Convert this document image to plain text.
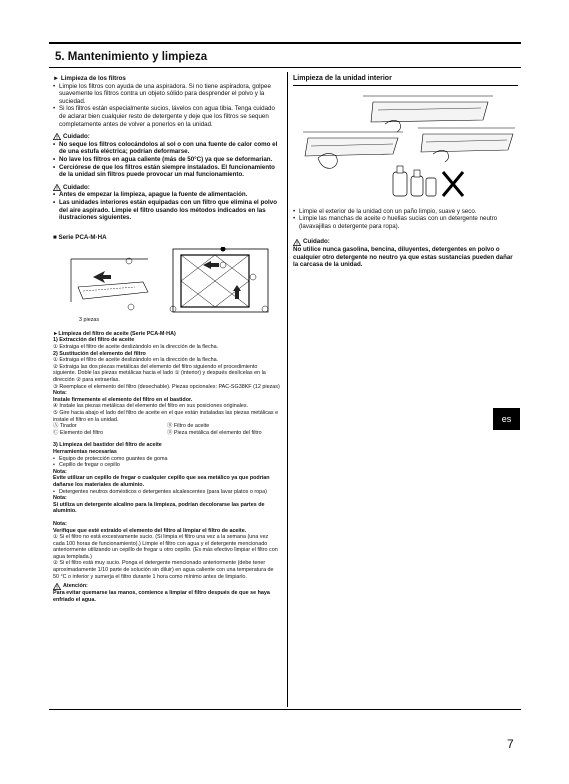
5. Mantenimiento y limpieza
► Limpieza de los filtros
• Limpie los filtros con ayuda de una aspiradora. Si no tiene aspiradora, golpee suavemente los filtros contra un objeto sólido para desprender el polvo y la suciedad.
• Si los filtros están especialmente sucios, lávelos con agua tibia. Tenga cuidado de aclarar bien cualquier resto de detergente y deje que los filtros se sequen completamente antes de volver a ponerlos en la unidad.
Cuidado:
• No seque los filtros colocándolos al sol o con una fuente de calor como el de una estufa eléctrica; podrían deformarse.
• No lave los filtros en agua caliente (más de 50°C) ya que se deformarian.
• Cerciórese de que los filtros están siempre instalados. El funcionamiento de la unidad sin filtros puede provocar un mal funcionamiento.
Cuidado:
• Antes de empezar la limpieza, apague la fuente de alimentación.
• Las unidades interiores están equipadas con un filtro que elimina el polvo del aire aspirado. Limpie el filtro usando los métodos indicados en las ilustraciones siguientes.
■ Serie PCA-M·HA
3 piezas
►Limpieza del filtro de aceite (Serie PCA-M·HA)
1) Extracción del filtro de aceite
① Extraiga el filtro de aceite deslizándolo en la dirección de la flecha.
2) Sustitución del elemento del filtro
① Extraiga el filtro de aceite deslizándolo en la dirección de la flecha.
② Extraiga las dos piezas metálicas del elemento del filtro siguiendo el procedimiento siguiente. Doble las piezas metálicas hacia el lado ① (interior) y después deslícelas en la dirección ② para extraerlas.
③ Reemplace el elemento del filtro (desechable). Piezas opcionales: PAC-SG38KF (12 piezas)
Nota:
Instale firmemente el elemento del filtro en el bastidor.
④ Instale las piezas metálicas del elemento del filtro en sus posiciones originales.
⑤ Gire hacia abajo el lado del filtro de aceite en el que están instaladas las piezas metálicas e instale el filtro en la unidad.
Ⓐ Tirador	Ⓑ Filtro de aceite
Ⓒ Elemento del filtro	Ⓓ Pieza metálica del elemento del filtro
3) Limpieza del bastidor del filtro de aceite
Herramientas necesarias
• Equipo de protección como guantes de goma
• Cepillo de fregar o cepillo
Nota:
Evite utilizar un cepillo de fregar o cualquier cepillo que sea metálico ya que podrían dañarse los materiales de aluminio.
• Detergentes neutros domésticos o detergentes alcalescentes (para lavar platos o ropa)
Nota:
Si utiliza un detergente alcalino para la limpieza, podrían decolorarse las partes de aluminio.
Nota:
Verifique que esté extraído el elemento del filtro al limpiar el filtro de aceite.
① Si el filtro no está excesivamente sucio. (Si limpia el filtro una vez a la semana (una vez cada 100 horas de funcionamiento).) Limpie el filtro con agua y el detergente mencionado anteriormente utilizando un cepillo de fregar u otro cepillo. (Es más efectivo limpiar el filtro con agua templada.)
② Si el filtro está muy sucio. Ponga el detergente mencionado anteriormente (debe tener aproximadamente 1/10 parte de solución sin diluir) en agua caliente con una temperatura de 50 °C o inferior y sumerja el filtro durante 1 hora como mínimo antes de limpiarlo.
Atención:
Para evitar quemarse las manos, comience a limpiar el filtro después de que se haya enfriado el agua.
Limpieza de la unidad interior
• Limpie el exterior de la unidad con un paño limpio, suave y seco.
• Limpie las manchas de aceite o huellas sucias con un detergente neutro (lavavajillas o detergente para ropa).
Cuidado:
No utilice nunca gasolina, bencina, diluyentes, detergentes en polvo o cualquier otro detergente no neutro ya que estas sustancias pueden dañar la carcasa de la unidad.
es
7
